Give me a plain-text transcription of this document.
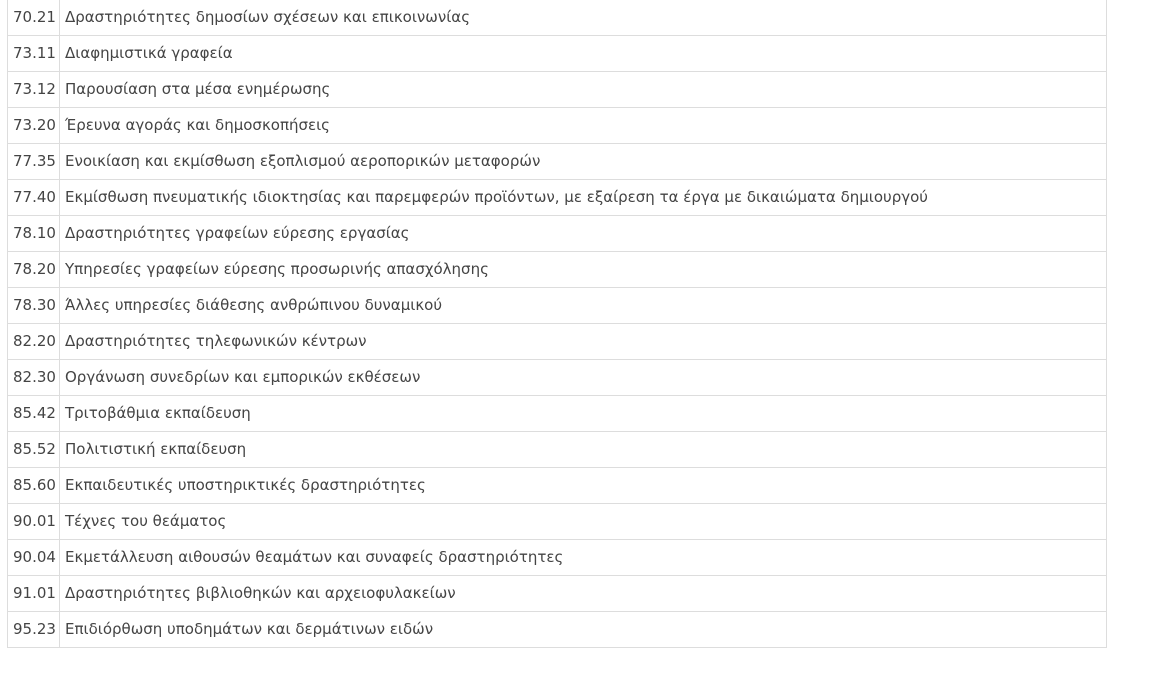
70.21	Δραστηριότητες δημοσίων σχέσεων και επικοινωνίας
73.11	Διαφημιστικά γραφεία
73.12	Παρουσίαση στα μέσα ενημέρωσης
73.20	Έρευνα αγοράς και δημοσκοπήσεις
77.35	Ενοικίαση και εκμίσθωση εξοπλισμού αεροπορικών μεταφορών
77.40	Εκμίσθωση πνευματικής ιδιοκτησίας και παρεμφερών προϊόντων, με εξαίρεση τα έργα με δικαιώματα δημιουργού
78.10	Δραστηριότητες γραφείων εύρεσης εργασίας
78.20	Υπηρεσίες γραφείων εύρεσης προσωρινής απασχόλησης
78.30	Άλλες υπηρεσίες διάθεσης ανθρώπινου δυναμικού
82.20	Δραστηριότητες τηλεφωνικών κέντρων
82.30	Οργάνωση συνεδρίων και εμπορικών εκθέσεων
85.42	Τριτοβάθμια εκπαίδευση
85.52	Πολιτιστική εκπαίδευση
85.60	Εκπαιδευτικές υποστηρικτικές δραστηριότητες
90.01	Τέχνες του θεάματος
90.04	Εκμετάλλευση αιθουσών θεαμάτων και συναφείς δραστηριότητες
91.01	Δραστηριότητες βιβλιοθηκών και αρχειοφυλακείων
95.23	Επιδιόρθωση υποδημάτων και δερμάτινων ειδών
